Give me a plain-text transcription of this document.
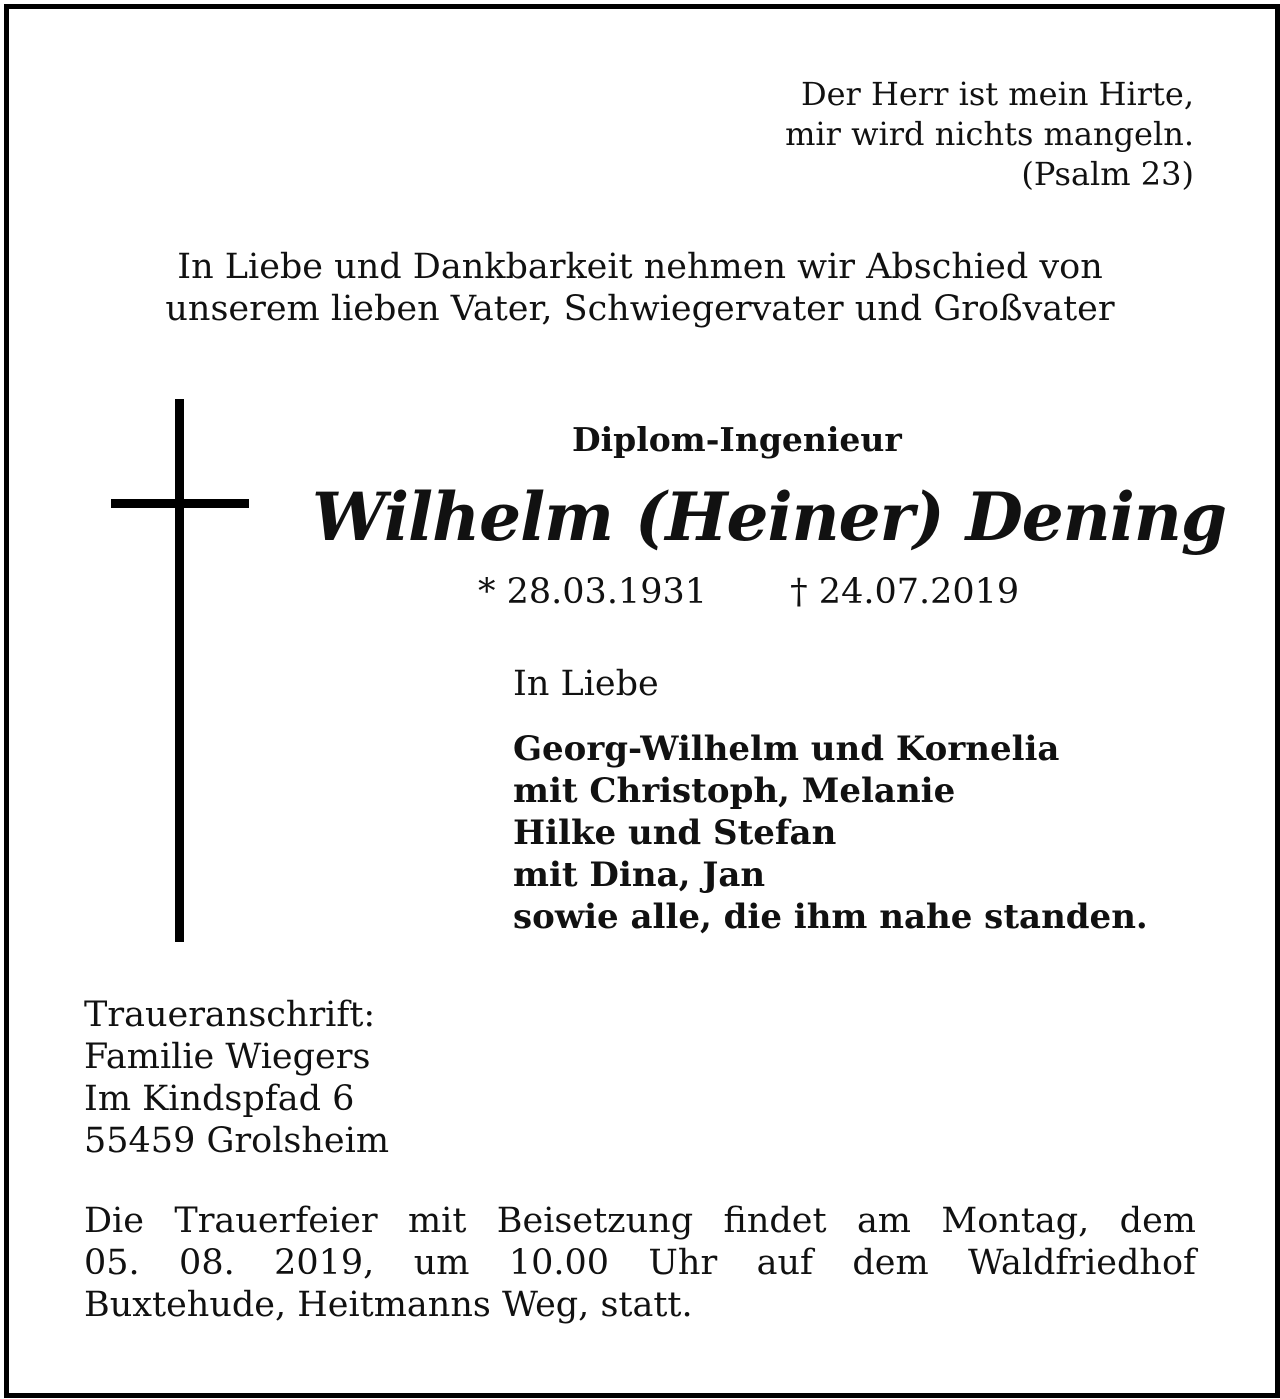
Der Herr ist mein Hirte,
mir wird nichts mangeln.
(Psalm 23)
In Liebe und Dankbarkeit nehmen wir Abschied von
unserem lieben Vater, Schwiegervater und Großvater
Diplom-Ingenieur
Wilhelm (Heiner) Dening
* 28.03.1931 † 24.07.2019
In Liebe
Georg-Wilhelm und Kornelia
mit Christoph, Melanie
Hilke und Stefan
mit Dina, Jan
sowie alle, die ihm nahe standen.
Traueranschrift:
Familie Wiegers
Im Kindspfad 6
55459 Grolsheim
Die Trauerfeier mit Beisetzung findet am Montag, dem
05. 08. 2019, um 10.00 Uhr auf dem Waldfriedhof
Buxtehude, Heitmanns Weg, statt.
